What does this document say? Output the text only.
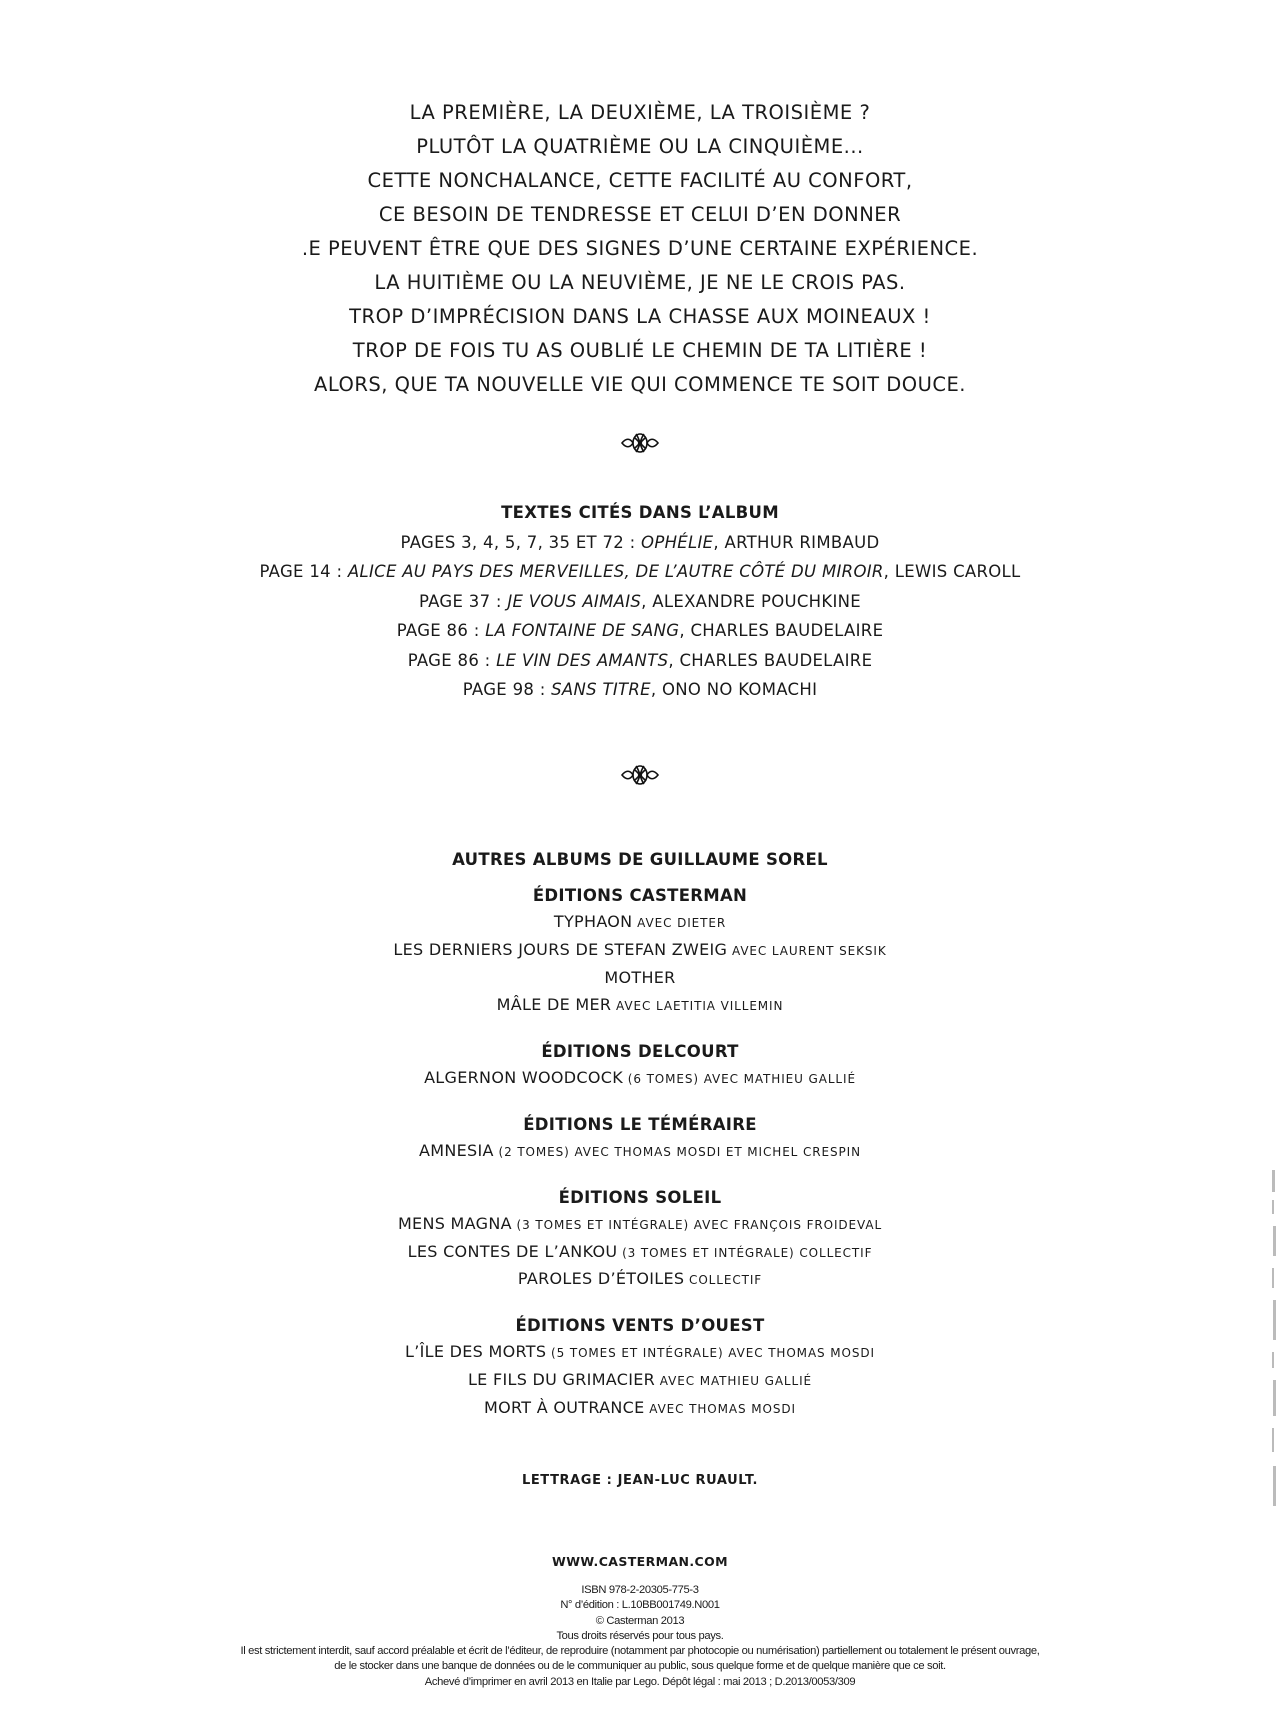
LA PREMIÈRE, LA DEUXIÈME, LA TROISIÈME ?
PLUTÔT LA QUATRIÈME OU LA CINQUIÈME...
CETTE NONCHALANCE, CETTE FACILITÉ AU CONFORT,
CE BESOIN DE TENDRESSE ET CELUI D’EN DONNER
.E PEUVENT ÊTRE QUE DES SIGNES D’UNE CERTAINE EXPÉRIENCE.
LA HUITIÈME OU LA NEUVIÈME, JE NE LE CROIS PAS.
TROP D’IMPRÉCISION DANS LA CHASSE AUX MOINEAUX !
TROP DE FOIS TU AS OUBLIÉ LE CHEMIN DE TA LITIÈRE !
ALORS, QUE TA NOUVELLE VIE QUI COMMENCE TE SOIT DOUCE.
TEXTES CITÉS DANS L’ALBUM
PAGES 3, 4, 5, 7, 35 ET 72 : OPHÉLIE, ARTHUR RIMBAUD
PAGE 14 : ALICE AU PAYS DES MERVEILLES, DE L’AUTRE CÔTÉ DU MIROIR, LEWIS CAROLL
PAGE 37 : JE VOUS AIMAIS, ALEXANDRE POUCHKINE
PAGE 86 : LA FONTAINE DE SANG, CHARLES BAUDELAIRE
PAGE 86 : LE VIN DES AMANTS, CHARLES BAUDELAIRE
PAGE 98 : SANS TITRE, ONO NO KOMACHI
AUTRES ALBUMS DE GUILLAUME SOREL
ÉDITIONS CASTERMAN
TYPHAON AVEC DIETER
LES DERNIERS JOURS DE STEFAN ZWEIG AVEC LAURENT SEKSIK
MOTHER
MÂLE DE MER AVEC LAETITIA VILLEMIN
ÉDITIONS DELCOURT
ALGERNON WOODCOCK (6 TOMES) AVEC MATHIEU GALLIÉ
ÉDITIONS LE TÉMÉRAIRE
AMNESIA (2 TOMES) AVEC THOMAS MOSDI ET MICHEL CRESPIN
ÉDITIONS SOLEIL
MENS MAGNA (3 TOMES ET INTÉGRALE) AVEC FRANÇOIS FROIDEVAL
LES CONTES DE L’ANKOU (3 TOMES ET INTÉGRALE) COLLECTIF
PAROLES D’ÉTOILES COLLECTIF
ÉDITIONS VENTS D’OUEST
L’ÎLE DES MORTS (5 TOMES ET INTÉGRALE) AVEC THOMAS MOSDI
LE FILS DU GRIMACIER AVEC MATHIEU GALLIÉ
MORT À OUTRANCE AVEC THOMAS MOSDI
LETTRAGE : JEAN-LUC RUAULT.
WWW.CASTERMAN.COM
ISBN 978-2-20305-775-3
N° d’édition : L.10BB001749.N001
© Casterman 2013
Tous droits réservés pour tous pays.
Il est strictement interdit, sauf accord préalable et écrit de l’éditeur, de reproduire (notamment par photocopie ou numérisation) partiellement ou totalement le présent ouvrage,
de le stocker dans une banque de données ou de le communiquer au public, sous quelque forme et de quelque manière que ce soit.
Achevé d’imprimer en avril 2013 en Italie par Lego. Dépôt légal : mai 2013 ; D.2013/0053/309
